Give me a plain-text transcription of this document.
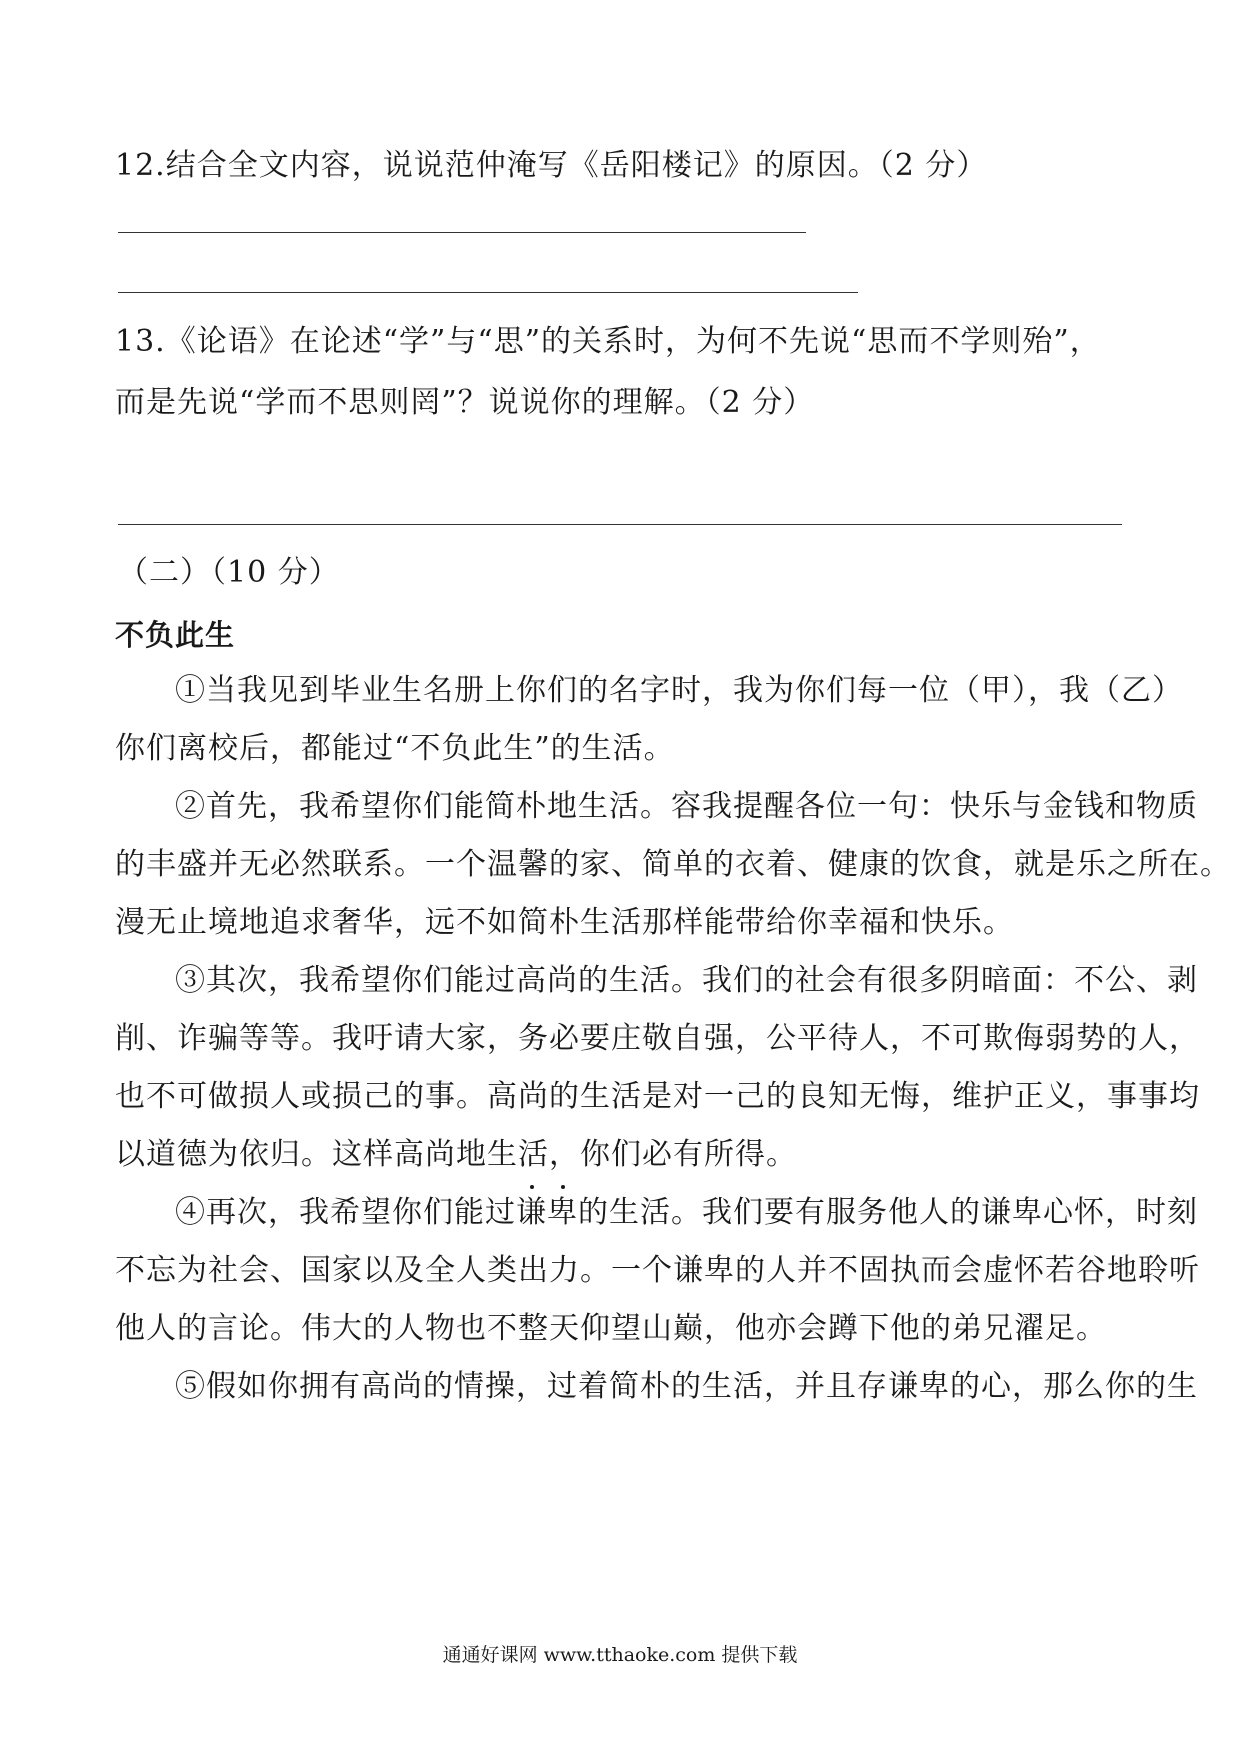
12.结合全文内容，说说范仲淹写《岳阳楼记》的原因。（2 分）
13.《论语》在论述“学”与“思”的关系时，为何不先说“思而不学则殆”，
而是先说“学而不思则罔”？说说你的理解。（2 分）
（二）（10 分）
不负此生
①当我见到毕业生名册上你们的名字时，我为你们每一位（甲），我（乙）
你们离校后，都能过“不负此生”的生活。
②首先，我希望你们能简朴地生活。容我提醒各位一句：快乐与金钱和物质
的丰盛并无必然联系。一个温馨的家、简单的衣着、健康的饮食，就是乐之所在。
漫无止境地追求奢华，远不如简朴生活那样能带给你幸福和快乐。
③其次，我希望你们能过高尚的生活。我们的社会有很多阴暗面：不公、剥
削、诈骗等等。我吁请大家，务必要庄敬自强，公平待人，不可欺侮弱势的人，
也不可做损人或损己的事。高尚的生活是对一己的良知无悔，维护正义，事事均
以道德为依归。这样高尚地生活，你们必有所得。
④再次，我希望你们能过
谦
卑的生活。我们要有服务他人的谦卑心怀，时刻
不忘为社会、国家以及全人类出力。一个谦卑的人并不固执而会虚怀若谷地聆听
他人的言论。伟大的人物也不整天仰望山巅，他亦会蹲下他的弟兄濯足。
⑤假如你拥有高尚的情操，过着简朴的生活，并且存谦卑的心，那么你的生
通通好课网 www.tthaoke.com 提供下载
